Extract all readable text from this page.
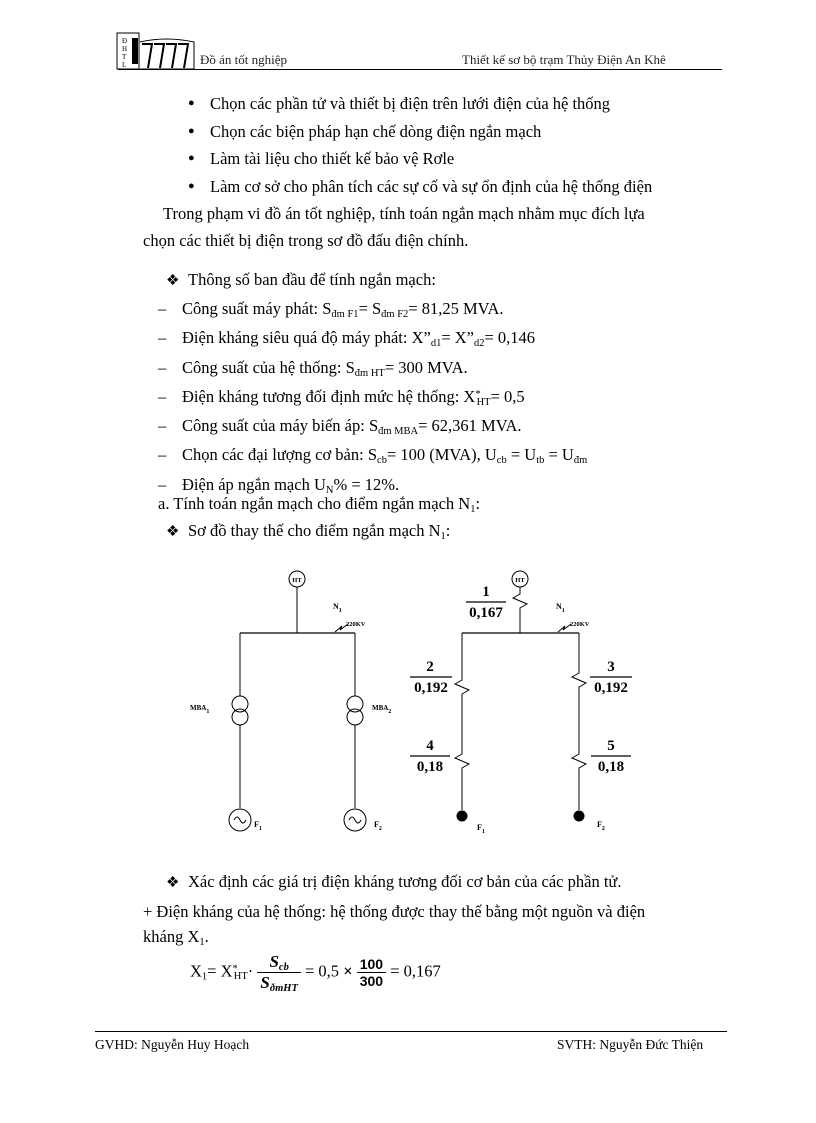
Đ
H
T
L	Đồ án tốt nghiệp	Thiết kế sơ bộ trạm Thủy Điện An Khê
● Chọn các phần tử và thiết bị điện trên lưới điện của hệ thống
● Chọn các biện pháp hạn chế dòng điện ngắn mạch
● Làm tài liệu cho thiết kế bảo vệ Rơle
● Làm cơ sở cho phân tích các sự cố và sự ổn định của hệ thống điện
Trong phạm vi đồ án tốt nghiệp, tính toán ngắn mạch nhằm mục đích lựa
chọn các thiết bị điện trong sơ đồ đấu điện chính.
❖ Thông số ban đầu để tính ngắn mạch:
– Công suất máy phát: $S_{đm F1}= S_{đm F2}= 81,25$ MVA.
– Điện kháng siêu quá độ máy phát: $X”_{d1}=$ $X”_{d2}= 0,146$
– Công suất của hệ thống: $S_{đm HT}= 300$ MVA.
– Điện kháng tương đối định mức hệ thống: $X^*_{HT}= 0,5$
– Công suất của máy biến áp: $S_{đm MBA}= 62,361$ MVA.
– Chọn các đại lượng cơ bản: $S_{cb}= 100$ (MVA), $U_{cb} = U_{tb} = U_{đm}$
– Điện áp ngắn mạch $U_N\% = 12\%$.
a. Tính toán ngắn mạch cho điểm ngắn mạch $N_1$:
❖ Sơ đồ thay thế cho điểm ngắn mạch $N_1$:
HT
$N_1$
220KV
MBA1
$F_1$
MBA2
$F_2$
HT
$N_1$
220KV
$F_1$
$F_2$
1
0,167
2
0,192
3
0,192
4
0,18
5
0,18
❖ Xác định các giá trị điện kháng tương đối cơ bản của các phần tử.
+ Điện kháng của hệ thống: hệ thống được thay thế bằng một nguồn và điện
kháng $X_1$.
$X_1= X^*_{HT}\cdot \frac{S_{cb}}{S_{ðmHT}} = 0,5 \times \frac{100}{300} = 0,167$
GVHD: Nguyễn Huy Hoạch	SVTH: Nguyễn Đức Thiện
